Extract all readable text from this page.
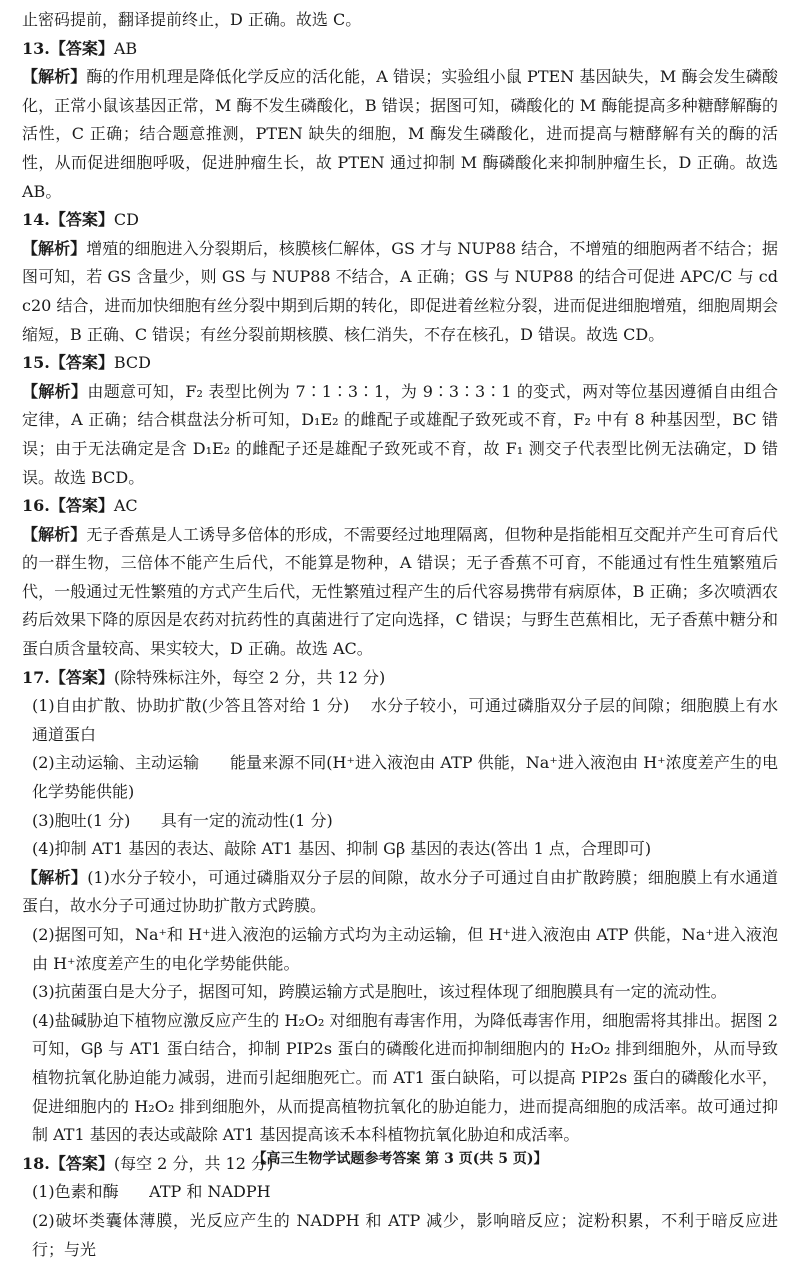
止密码提前，翻译提前终止，D 正确。故选 C。

13.【答案】AB

【解析】酶的作用机理是降低化学反应的活化能，A 错误；实验组小鼠 PTEN 基因缺失，M 酶会发生磷酸化，正常小鼠该基因正常，M 酶不发生磷酸化，B 错误；据图可知，磷酸化的 M 酶能提高多种糖酵解酶的活性，C 正确；结合题意推测，PTEN 缺失的细胞，M 酶发生磷酸化，进而提高与糖酵解有关的酶的活性，从而促进细胞呼吸，促进肿瘤生长，故 PTEN 通过抑制 M 酶磷酸化来抑制肿瘤生长，D 正确。故选 AB。

14.【答案】CD

【解析】增殖的细胞进入分裂期后，核膜核仁解体，GS 才与 NUP88 结合，不增殖的细胞两者不结合；据图可知，若 GS 含量少，则 GS 与 NUP88 不结合，A 正确；GS 与 NUP88 的结合可促进 APC/C 与 cdc20 结合，进而加快细胞有丝分裂中期到后期的转化，即促进着丝粒分裂，进而促进细胞增殖，细胞周期会缩短，B 正确、C 错误；有丝分裂前期核膜、核仁消失，不存在核孔，D 错误。故选 CD。

15.【答案】BCD

【解析】由题意可知，F₂ 表型比例为 7∶1∶3∶1，为 9∶3∶3∶1 的变式，两对等位基因遵循自由组合定律，A 正确；结合棋盘法分析可知，D₁E₂ 的雌配子或雄配子致死或不育，F₂ 中有 8 种基因型，BC 错误；由于无法确定是含 D₁E₂ 的雌配子还是雄配子致死或不育，故 F₁ 测交子代表型比例无法确定，D 错误。故选 BCD。

16.【答案】AC

【解析】无子香蕉是人工诱导多倍体的形成，不需要经过地理隔离，但物种是指能相互交配并产生可育后代的一群生物，三倍体不能产生后代，不能算是物种，A 错误；无子香蕉不可育，不能通过有性生殖繁殖后代，一般通过无性繁殖的方式产生后代，无性繁殖过程产生的后代容易携带有病原体，B 正确；多次喷洒农药后效果下降的原因是农药对抗药性的真菌进行了定向选择，C 错误；与野生芭蕉相比，无子香蕉中糖分和蛋白质含量较高、果实较大，D 正确。故选 AC。

17.【答案】(除特殊标注外，每空 2 分，共 12 分)

(1)自由扩散、协助扩散(少答且答对给 1 分)    水分子较小，可通过磷脂双分子层的间隙；细胞膜上有水通道蛋白

(2)主动运输、主动运输      能量来源不同(H⁺进入液泡由 ATP 供能，Na⁺进入液泡由 H⁺浓度差产生的电化学势能供能)

(3)胞吐(1 分)      具有一定的流动性(1 分)

(4)抑制 AT1 基因的表达、敲除 AT1 基因、抑制 Gβ 基因的表达(答出 1 点，合理即可)

【解析】(1)水分子较小，可通过磷脂双分子层的间隙，故水分子可通过自由扩散跨膜；细胞膜上有水通道蛋白，故水分子可通过协助扩散方式跨膜。

(2)据图可知，Na⁺和 H⁺进入液泡的运输方式均为主动运输，但 H⁺进入液泡由 ATP 供能，Na⁺进入液泡由 H⁺浓度差产生的电化学势能供能。

(3)抗菌蛋白是大分子，据图可知，跨膜运输方式是胞吐，该过程体现了细胞膜具有一定的流动性。

(4)盐碱胁迫下植物应激反应产生的 H₂O₂ 对细胞有毒害作用，为降低毒害作用，细胞需将其排出。据图 2 可知，Gβ 与 AT1 蛋白结合，抑制 PIP2s 蛋白的磷酸化进而抑制细胞内的 H₂O₂ 排到细胞外，从而导致植物抗氧化胁迫能力减弱，进而引起细胞死亡。而 AT1 蛋白缺陷，可以提高 PIP2s 蛋白的磷酸化水平，促进细胞内的 H₂O₂ 排到细胞外，从而提高植物抗氧化的胁迫能力，进而提高细胞的成活率。故可通过抑制 AT1 基因的表达或敲除 AT1 基因提高该禾本科植物抗氧化胁迫和成活率。

18.【答案】(每空 2 分，共 12 分)

(1)色素和酶      ATP 和 NADPH

(2)破坏类囊体薄膜，光反应产生的 NADPH 和 ATP 减少，影响暗反应；淀粉积累，不利于暗反应进行；与光

【高三生物学试题参考答案 第 3 页(共 5 页)】
